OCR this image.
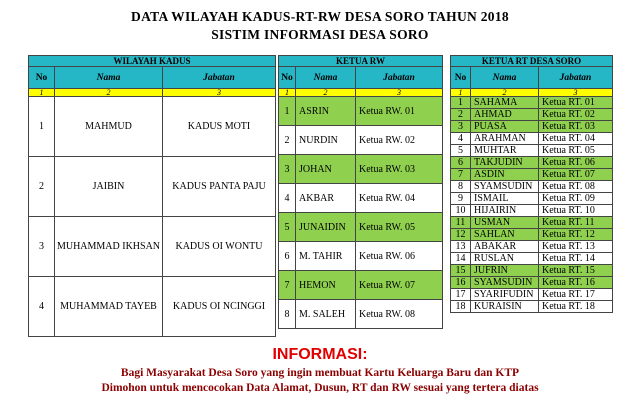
DATA WILAYAH KADUS-RT-RW DESA SORO TAHUN 2018
SISTIM INFORMASI DESA SORO
WILAYAH KADUS		
No	Nama	Jabatan
1	2	3
1	MAHMUD	KADUS MOTI
2	JAIBIN	KADUS PANTA PAJU
3	MUHAMMAD IKHSAN	KADUS OI WONTU
4	MUHAMMAD TAYEB	KADUS OI NCINGGI
KETUA RW		
No	Nama	Jabatan
1	2	3
1	ASRIN	Ketua RW. 01
2	NURDIN	Ketua RW. 02
3	JOHAN	Ketua RW. 03
4	AKBAR	Ketua RW. 04
5	JUNAIDIN	Ketua RW. 05
6	M. TAHIR	Ketua RW. 06
7	HEMON	Ketua RW. 07
8	M. SALEH	Ketua RW. 08
KETUA RT DESA SORO		
No	Nama	Jabatan
1	2	3
1	SAHAMA	Ketua RT. 01
2	AHMAD	Ketua RT. 02
3	PUASA	Ketua RT. 03
4	ARAHMAN	Ketua RT. 04
5	MUHTAR	Ketua RT. 05
6	TAKJUDIN	Ketua RT. 06
7	ASDIN	Ketua RT. 07
8	SYAMSUDIN	Ketua RT. 08
9	ISMAIL	Ketua RT. 09
10	HIJAIRIN	Ketua RT. 10
11	USMAN	Ketua RT. 11
12	SAHLAN	Ketua RT. 12
13	ABAKAR	Ketua RT. 13
14	RUSLAN	Ketua RT. 14
15	JUFRIN	Ketua RT. 15
16	SYAMSUDIN	Ketua RT. 16
17	SYARIFUDIN	Ketua RT. 17
18	KURAISIN	Ketua RT. 18
INFORMASI:
Bagi Masyarakat Desa Soro yang ingin membuat Kartu Keluarga Baru dan KTP
Dimohon untuk mencocokan Data Alamat, Dusun, RT dan RW sesuai yang tertera diatas
